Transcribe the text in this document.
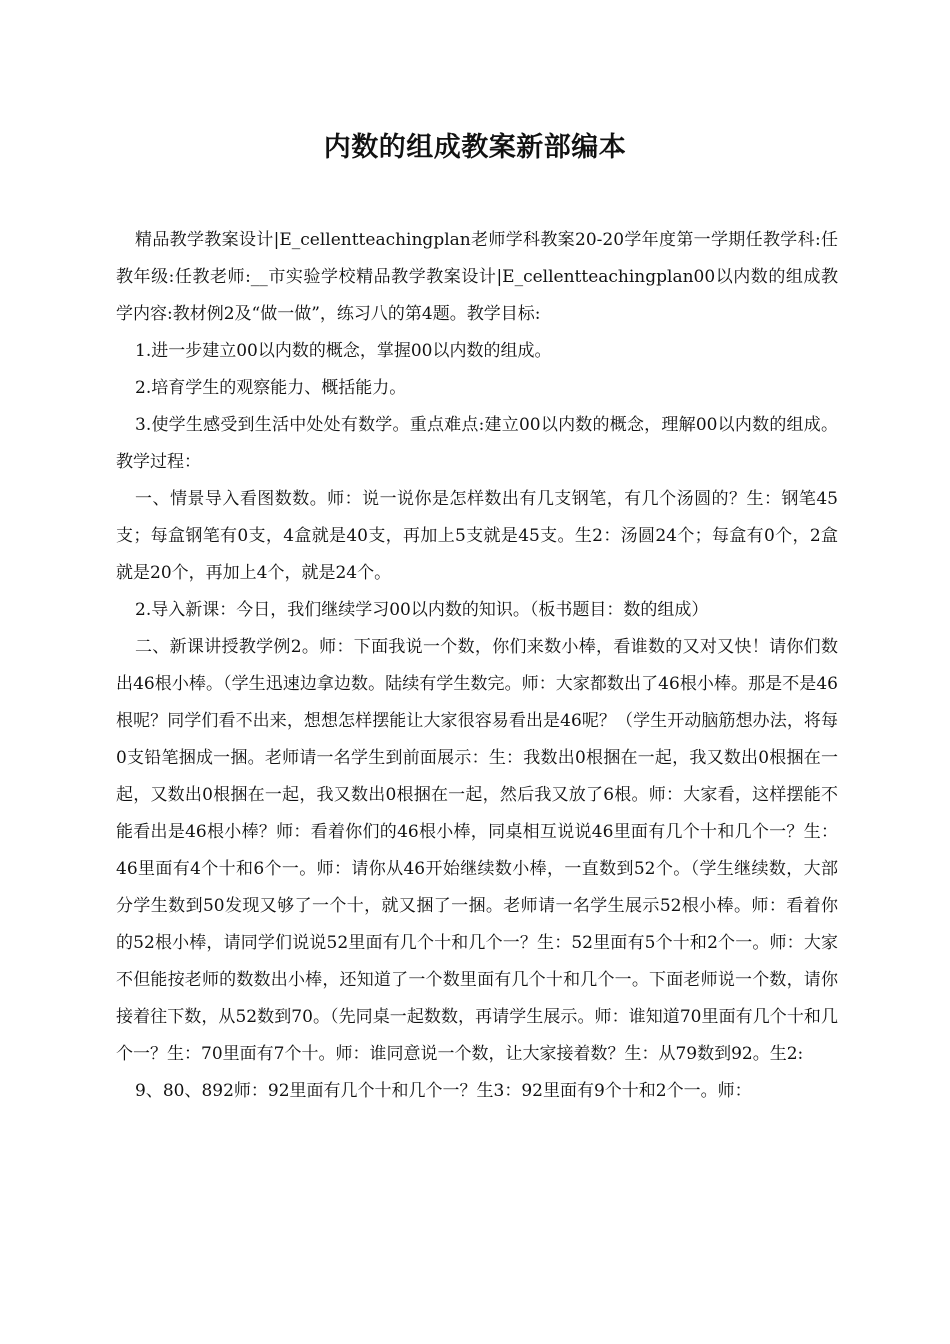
内数的组成教案新部编本

精品教学教案设计|E_cellentteachingplan老师学科教案20-20学年度第一学期任教学科:任教年级:任教老师:__市实验学校精品教学教案设计|E_cellentteachingplan00以内数的组成教学内容:教材例2及“做一做”，练习八的第4题。教学目标:

1.进一步建立00以内数的概念，掌握00以内数的组成。

2.培育学生的观察能力、概括能力。

3.使学生感受到生活中处处有数学。重点难点:建立00以内数的概念，理解00以内数的组成。教学过程：

一、情景导入看图数数。师：说一说你是怎样数出有几支钢笔，有几个汤圆的？生：钢笔45支；每盒钢笔有0支，4盒就是40支，再加上5支就是45支。生2：汤圆24个；每盒有0个，2盒就是20个，再加上4个，就是24个。

2.导入新课：今日，我们继续学习00以内数的知识。（板书题目：数的组成）

二、新课讲授教学例2。师：下面我说一个数，你们来数小棒，看谁数的又对又快！请你们数出46根小棒。（学生迅速边拿边数。陆续有学生数完。师：大家都数出了46根小棒。那是不是46根呢？同学们看不出来，想想怎样摆能让大家很容易看出是46呢？（学生开动脑筋想办法，将每0支铅笔捆成一捆。老师请一名学生到前面展示：生：我数出0根捆在一起，我又数出0根捆在一起，又数出0根捆在一起，我又数出0根捆在一起，然后我又放了6根。师：大家看，这样摆能不能看出是46根小棒？师：看着你们的46根小棒，同桌相互说说46里面有几个十和几个一？生：46里面有4个十和6个一。师：请你从46开始继续数小棒，一直数到52个。（学生继续数，大部分学生数到50发现又够了一个十，就又捆了一捆。老师请一名学生展示52根小棒。师：看着你的52根小棒，请同学们说说52里面有几个十和几个一？生：52里面有5个十和2个一。师：大家不但能按老师的数数出小棒，还知道了一个数里面有几个十和几个一。下面老师说一个数，请你接着往下数，从52数到70。（先同桌一起数数，再请学生展示。师：谁知道70里面有几个十和几个一？生：70里面有7个十。师：谁同意说一个数，让大家接着数？生：从79数到92。生2:

9、80、892师：92里面有几个十和几个一？生3：92里面有9个十和2个一。师：
